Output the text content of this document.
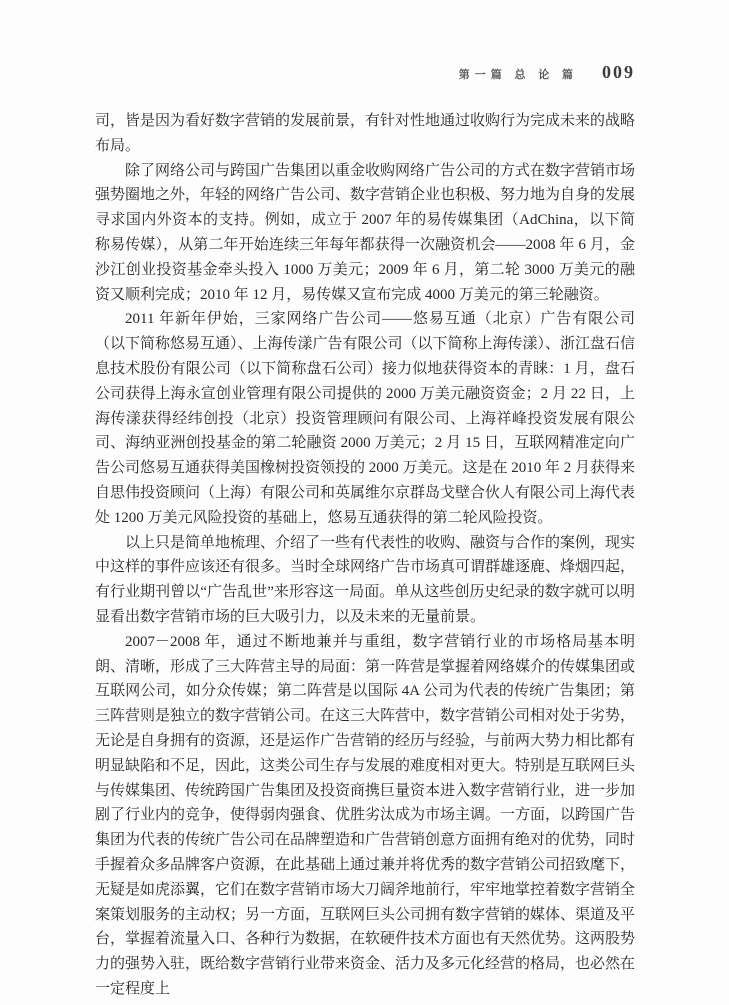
第一篇 总 论 篇 009

司，皆是因为看好数字营销的发展前景，有针对性地通过收购行为完成未来的战略布局。

除了网络公司与跨国广告集团以重金收购网络广告公司的方式在数字营销市场强势圈地之外，年轻的网络广告公司、数字营销企业也积极、努力地为自身的发展寻求国内外资本的支持。例如，成立于 2007 年的易传媒集团（AdChina，以下简称易传媒），从第二年开始连续三年每年都获得一次融资机会——2008 年 6 月，金沙江创业投资基金牵头投入 1000 万美元；2009 年 6 月，第二轮 3000 万美元的融资又顺利完成；2010 年 12 月，易传媒又宣布完成 4000 万美元的第三轮融资。

2011 年新年伊始，三家网络广告公司——悠易互通（北京）广告有限公司（以下简称悠易互通）、上海传漾广告有限公司（以下简称上海传漾）、浙江盘石信息技术股份有限公司（以下简称盘石公司）接力似地获得资本的青睐：1 月，盘石公司获得上海永宣创业管理有限公司提供的 2000 万美元融资资金；2 月 22 日，上海传漾获得经纬创投（北京）投资管理顾问有限公司、上海祥峰投资发展有限公司、海纳亚洲创投基金的第二轮融资 2000 万美元；2 月 15 日，互联网精准定向广告公司悠易互通获得美国橡树投资领投的 2000 万美元。这是在 2010 年 2 月获得来自思伟投资顾问（上海）有限公司和英属维尔京群岛戈壁合伙人有限公司上海代表处 1200 万美元风险投资的基础上，悠易互通获得的第二轮风险投资。

以上只是简单地梳理、介绍了一些有代表性的收购、融资与合作的案例，现实中这样的事件应该还有很多。当时全球网络广告市场真可谓群雄逐鹿、烽烟四起，有行业期刊曾以“广告乱世”来形容这一局面。单从这些创历史纪录的数字就可以明显看出数字营销市场的巨大吸引力，以及未来的无量前景。

2007－2008 年，通过不断地兼并与重组，数字营销行业的市场格局基本明朗、清晰，形成了三大阵营主导的局面：第一阵营是掌握着网络媒介的传媒集团或互联网公司，如分众传媒；第二阵营是以国际 4A 公司为代表的传统广告集团；第三阵营则是独立的数字营销公司。在这三大阵营中，数字营销公司相对处于劣势，无论是自身拥有的资源，还是运作广告营销的经历与经验，与前两大势力相比都有明显缺陷和不足，因此，这类公司生存与发展的难度相对更大。特别是互联网巨头与传媒集团、传统跨国广告集团及投资商携巨量资本进入数字营销行业，进一步加剧了行业内的竞争，使得弱肉强食、优胜劣汰成为市场主调。一方面，以跨国广告集团为代表的传统广告公司在品牌塑造和广告营销创意方面拥有绝对的优势，同时手握着众多品牌客户资源，在此基础上通过兼并将优秀的数字营销公司招致麾下，无疑是如虎添翼，它们在数字营销市场大刀阔斧地前行，牢牢地掌控着数字营销全案策划服务的主动权；另一方面，互联网巨头公司拥有数字营销的媒体、渠道及平台，掌握着流量入口、各种行为数据，在软硬件技术方面也有天然优势。这两股势力的强势入驻，既给数字营销行业带来资金、活力及多元化经营的格局，也必然在一定程度上
